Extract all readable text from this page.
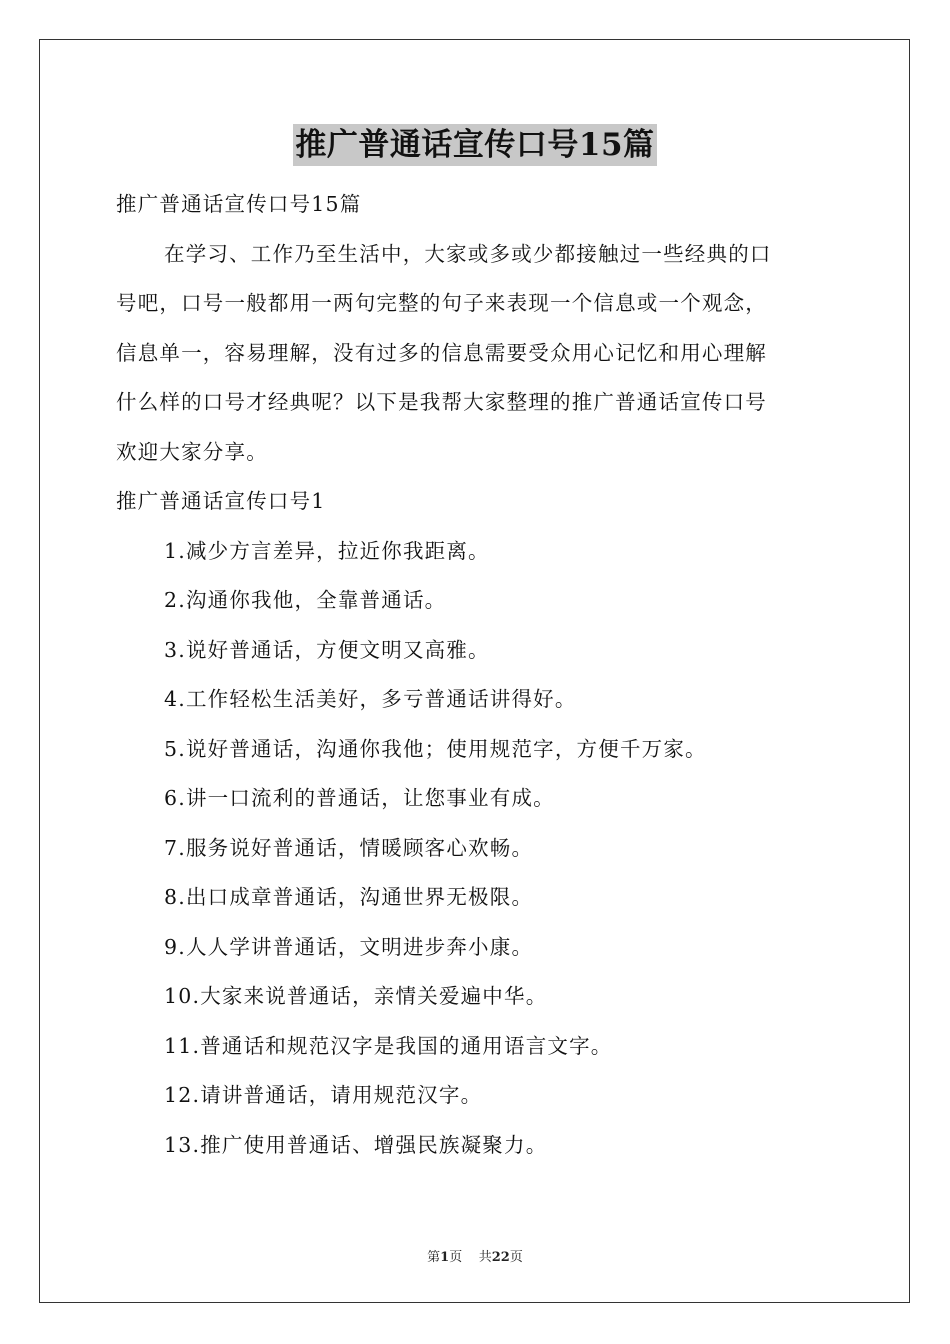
推广普通话宣传口号15篇
推广普通话宣传口号15篇
在学习、工作乃至生活中，大家或多或少都接触过一些经典的口
号吧，口号一般都用一两句完整的句子来表现一个信息或一个观念，
信息单一，容易理解，没有过多的信息需要受众用心记忆和用心理解
什么样的口号才经典呢？以下是我帮大家整理的推广普通话宣传口号
欢迎大家分享。
推广普通话宣传口号1
1.减少方言差异，拉近你我距离。
2.沟通你我他，全靠普通话。
3.说好普通话，方便文明又高雅。
4.工作轻松生活美好，多亏普通话讲得好。
5.说好普通话，沟通你我他；使用规范字，方便千万家。
6.讲一口流利的普通话，让您事业有成。
7.服务说好普通话，情暖顾客心欢畅。
8.出口成章普通话，沟通世界无极限。
9.人人学讲普通话，文明进步奔小康。
10.大家来说普通话，亲情关爱遍中华。
11.普通话和规范汉字是我国的通用语言文字。
12.请讲普通话，请用规范汉字。
13.推广使用普通话、增强民族凝聚力。
第1页    共22页
